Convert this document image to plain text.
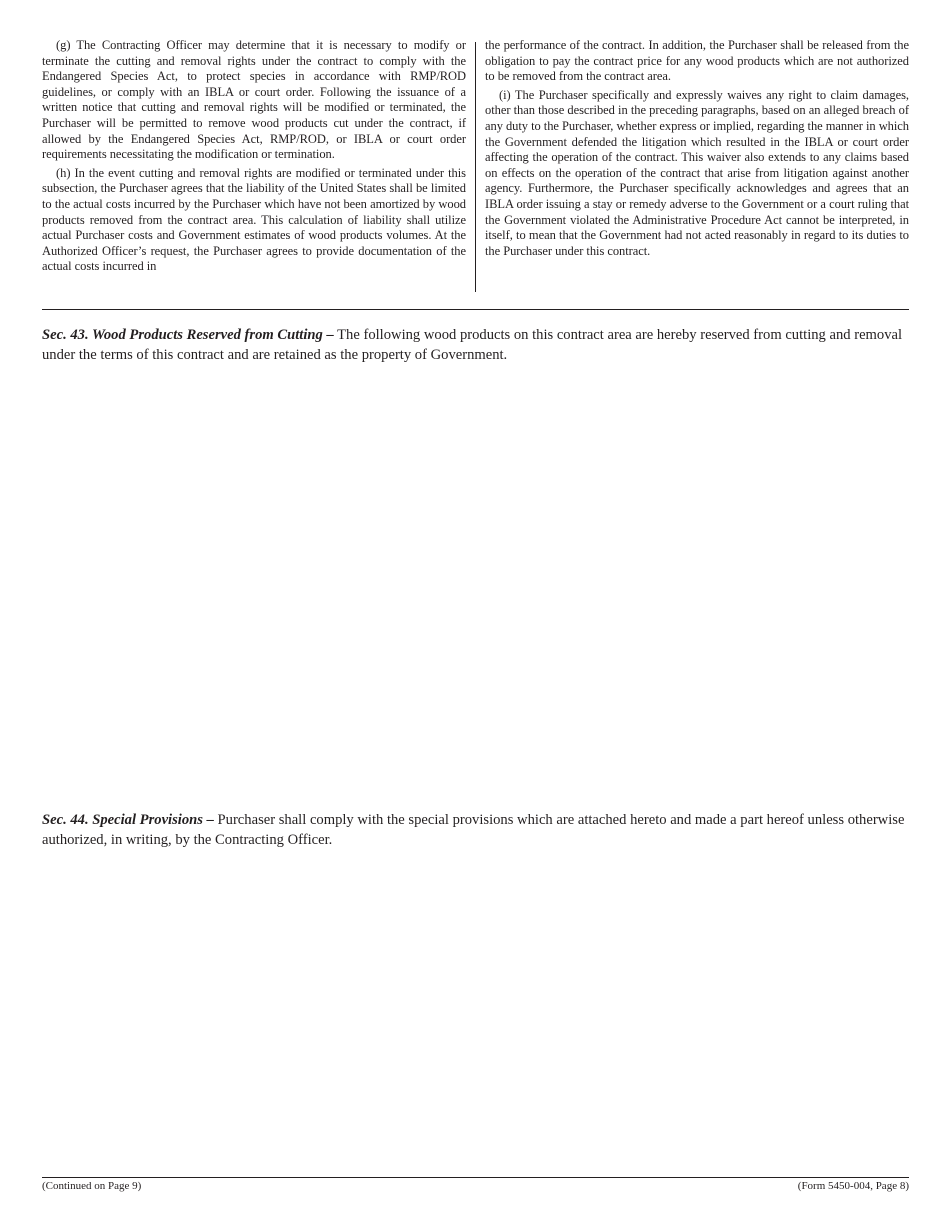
(g) The Contracting Officer may determine that it is necessary to modify or terminate the cutting and removal rights under the contract to comply with the Endangered Species Act, to protect species in accordance with RMP/ROD guidelines, or comply with an IBLA or court order. Following the issuance of a written notice that cutting and removal rights will be modified or terminated, the Purchaser will be permitted to remove wood products cut under the contract, if allowed by the Endangered Species Act, RMP/ROD, or IBLA or court order requirements necessitating the modification or termination.

(h) In the event cutting and removal rights are modified or terminated under this subsection, the Purchaser agrees that the liability of the United States shall be limited to the actual costs incurred by the Purchaser which have not been amortized by wood products removed from the contract area. This calculation of liability shall utilize actual Purchaser costs and Government estimates of wood products volumes. At the Authorized Officer’s request, the Purchaser agrees to provide documentation of the actual costs incurred in

the performance of the contract. In addition, the Purchaser shall be released from the obligation to pay the contract price for any wood products which are not authorized to be removed from the contract area.

(i) The Purchaser specifically and expressly waives any right to claim damages, other than those described in the preceding paragraphs, based on an alleged breach of any duty to the Purchaser, whether express or implied, regarding the manner in which the Government defended the litigation which resulted in the IBLA or court order affecting the operation of the contract. This waiver also extends to any claims based on effects on the operation of the contract that arise from litigation against another agency. Furthermore, the Purchaser specifically acknowledges and agrees that an IBLA order issuing a stay or remedy adverse to the Government or a court ruling that the Government violated the Administrative Procedure Act cannot be interpreted, in itself, to mean that the Government had not acted reasonably in regard to its duties to the Purchaser under this contract.

Sec. 43. Wood Products Reserved from Cutting – The following wood products on this contract area are hereby reserved from cutting and removal under the terms of this contract and are retained as the property of Government.

Sec. 44. Special Provisions – Purchaser shall comply with the special provisions which are attached hereto and made a part hereof unless otherwise authorized, in writing, by the Contracting Officer.

(Continued on Page 9)	(Form 5450-004, Page 8)
